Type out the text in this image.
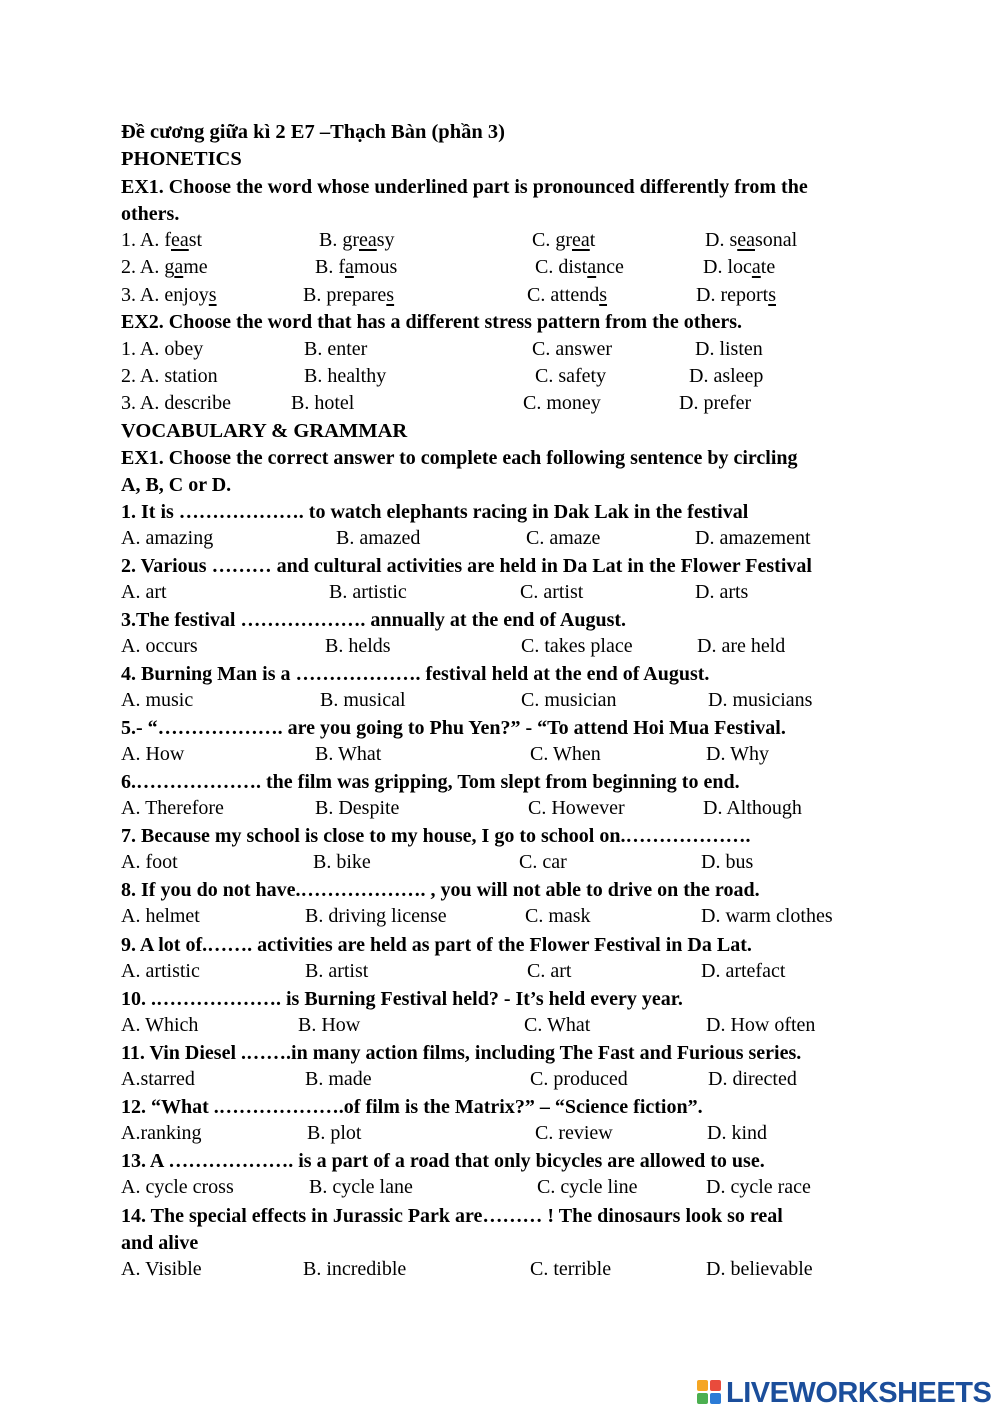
Đề cương giữa kì 2 E7 –Thạch Bàn (phần 3)
PHONETICS
EX1. Choose the word whose underlined part is pronounced differently from the
others.
1. A. feast	B. greasy	C. great	D. seasonal
2. A. game	B. famous	C. distance	D. locate
3. A. enjoys	B. prepares	C. attends	D. reports
EX2. Choose the word that has a different stress pattern from the others.
1. A. obey	B. enter	C. answer	D. listen
2. A. station	B. healthy	C. safety	D. asleep
3. A. describe	B. hotel	C. money	D. prefer
VOCABULARY & GRAMMAR
EX1. Choose the correct answer to complete each following sentence by circling
A, B, C or D.
1. It is ………………. to watch elephants racing in Dak Lak in the festival
A. amazing	B. amazed	C. amaze	D. amazement
2. Various ……… and cultural activities are held in Da Lat in the Flower Festival
A. art	B. artistic	C. artist	D. arts
3.The festival ………………. annually at the end of August.
A. occurs	B. helds	C. takes place	D. are held
4. Burning Man is a ………………. festival held at the end of August.
A. music	B. musical	C. musician	D. musicians
5.- “………………. are you going to Phu Yen?” - “To attend Hoi Mua Festival.
A. How	B. What	C. When	D. Why
6.………………. the film was gripping, Tom slept from beginning to end.
A. Therefore	B. Despite	C. However	D. Although
7. Because my school is close to my house, I go to school on.……………….
A. foot	B. bike	C. car	D. bus
8. If you do not have.………………. , you will not able to drive on the road.
A. helmet	B. driving license	C. mask	D. warm clothes
9. A lot of.……. activities are held as part of the Flower Festival in Da Lat.
A. artistic	B. artist	C. art	D. artefact
10. .………………. is Burning Festival held? - It’s held every year.
A. Which	B. How	C. What	D. How often
11. Vin Diesel .…….in many action films, including The Fast and Furious series.
A.starred	B. made	C. produced	D. directed
12. “What .……………….of film is the Matrix?” – “Science fiction”.
A.ranking	B. plot	C. review	D. kind
13. A ………………. is a part of a road that only bicycles are allowed to use.
A. cycle cross	B. cycle lane	C. cycle line	D. cycle race
14. The special effects in Jurassic Park are……… ! The dinosaurs look so real
and alive
A. Visible	B. incredible	C. terrible	D. believable
LIVEWORKSHEETS
